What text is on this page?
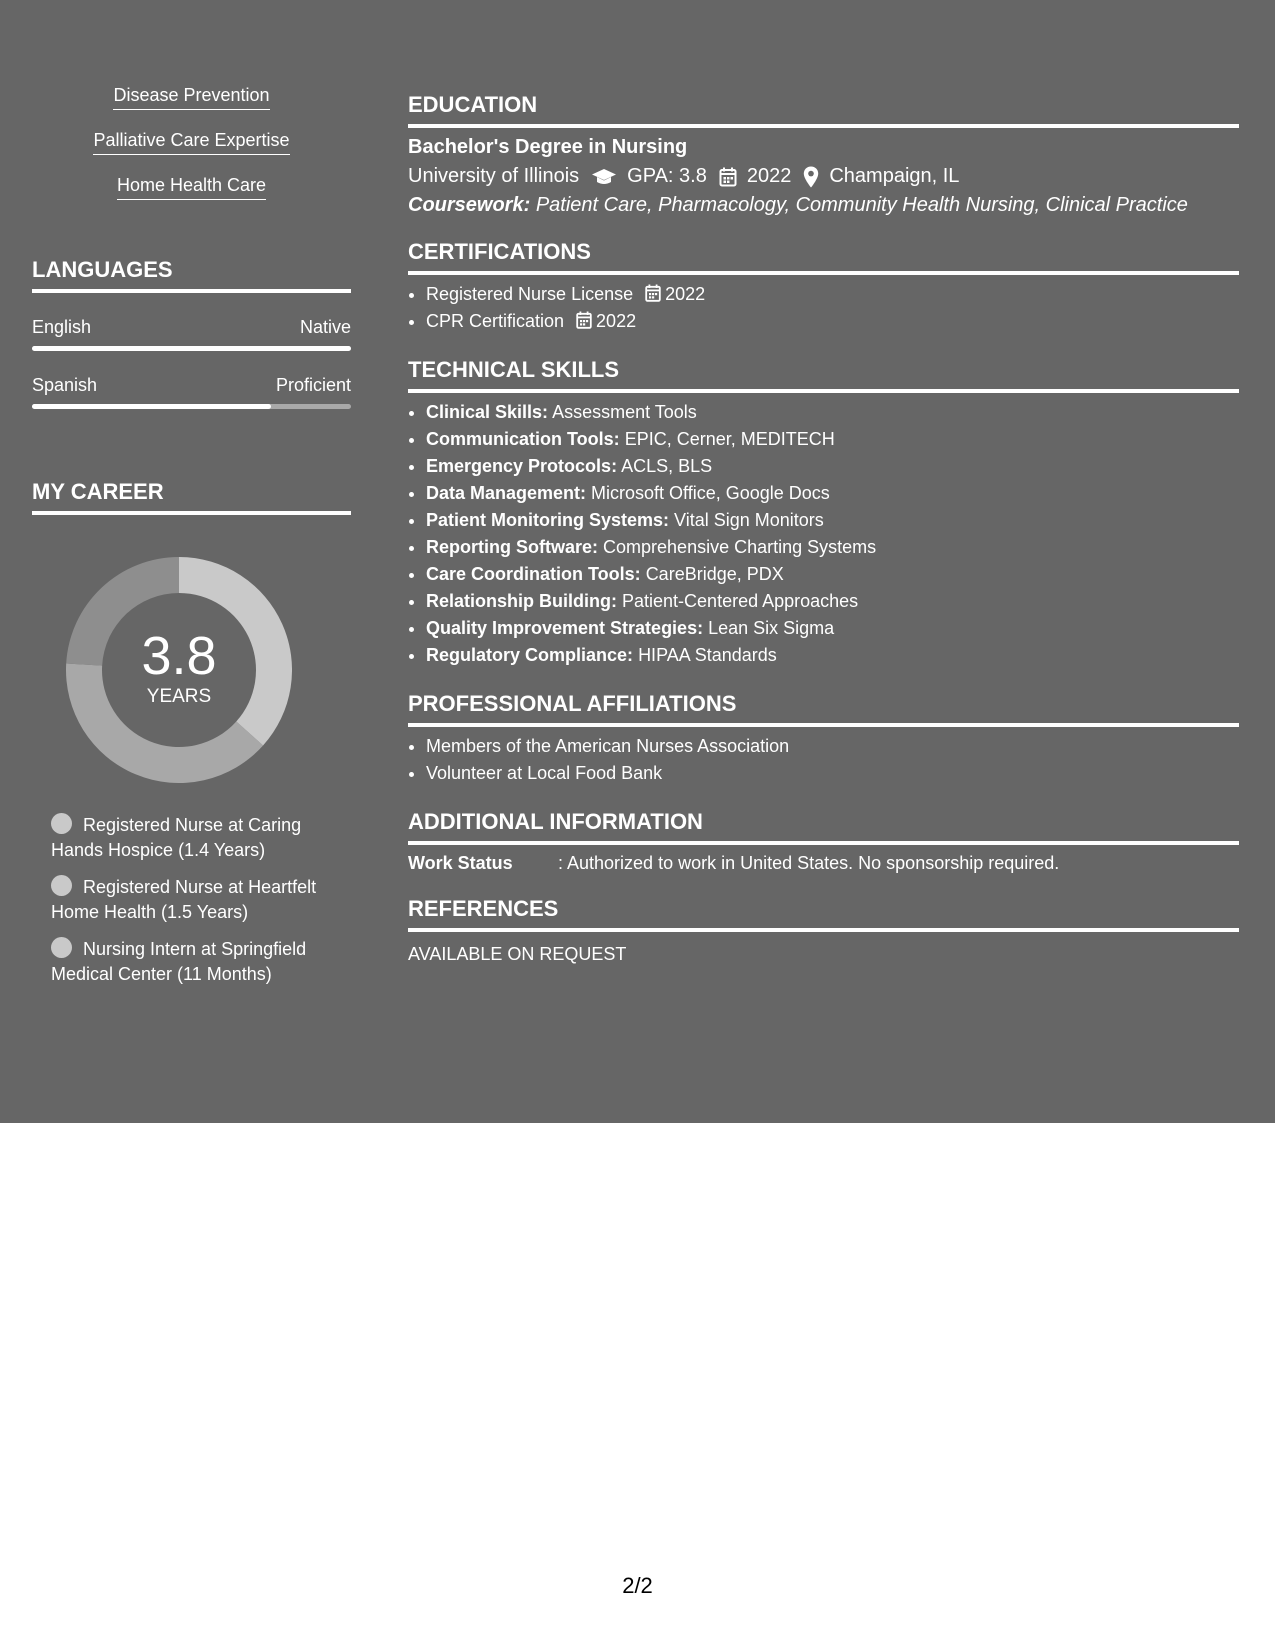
Disease Prevention
Palliative Care Expertise
Home Health Care
LANGUAGES
English	Native
Spanish	Proficient
MY CAREER
3.8
YEARS
Registered Nurse at Caring Hands Hospice (1.4 Years)
Registered Nurse at Heartfelt Home Health (1.5 Years)
Nursing Intern at Springfield Medical Center (11 Months)
EDUCATION
Bachelor's Degree in Nursing
University of Illinois GPA: 3.8 2022 Champaign, IL
Coursework: Patient Care, Pharmacology, Community Health Nursing, Clinical Practice
CERTIFICATIONS
• Registered Nurse License 2022
• CPR Certification 2022
TECHNICAL SKILLS
• Clinical Skills: Assessment Tools
• Communication Tools: EPIC, Cerner, MEDITECH
• Emergency Protocols: ACLS, BLS
• Data Management: Microsoft Office, Google Docs
• Patient Monitoring Systems: Vital Sign Monitors
• Reporting Software: Comprehensive Charting Systems
• Care Coordination Tools: CareBridge, PDX
• Relationship Building: Patient-Centered Approaches
• Quality Improvement Strategies: Lean Six Sigma
• Regulatory Compliance: HIPAA Standards
PROFESSIONAL AFFILIATIONS
• Members of the American Nurses Association
• Volunteer at Local Food Bank
ADDITIONAL INFORMATION
Work Status	: Authorized to work in United States. No sponsorship required.
REFERENCES
AVAILABLE ON REQUEST
2/2
